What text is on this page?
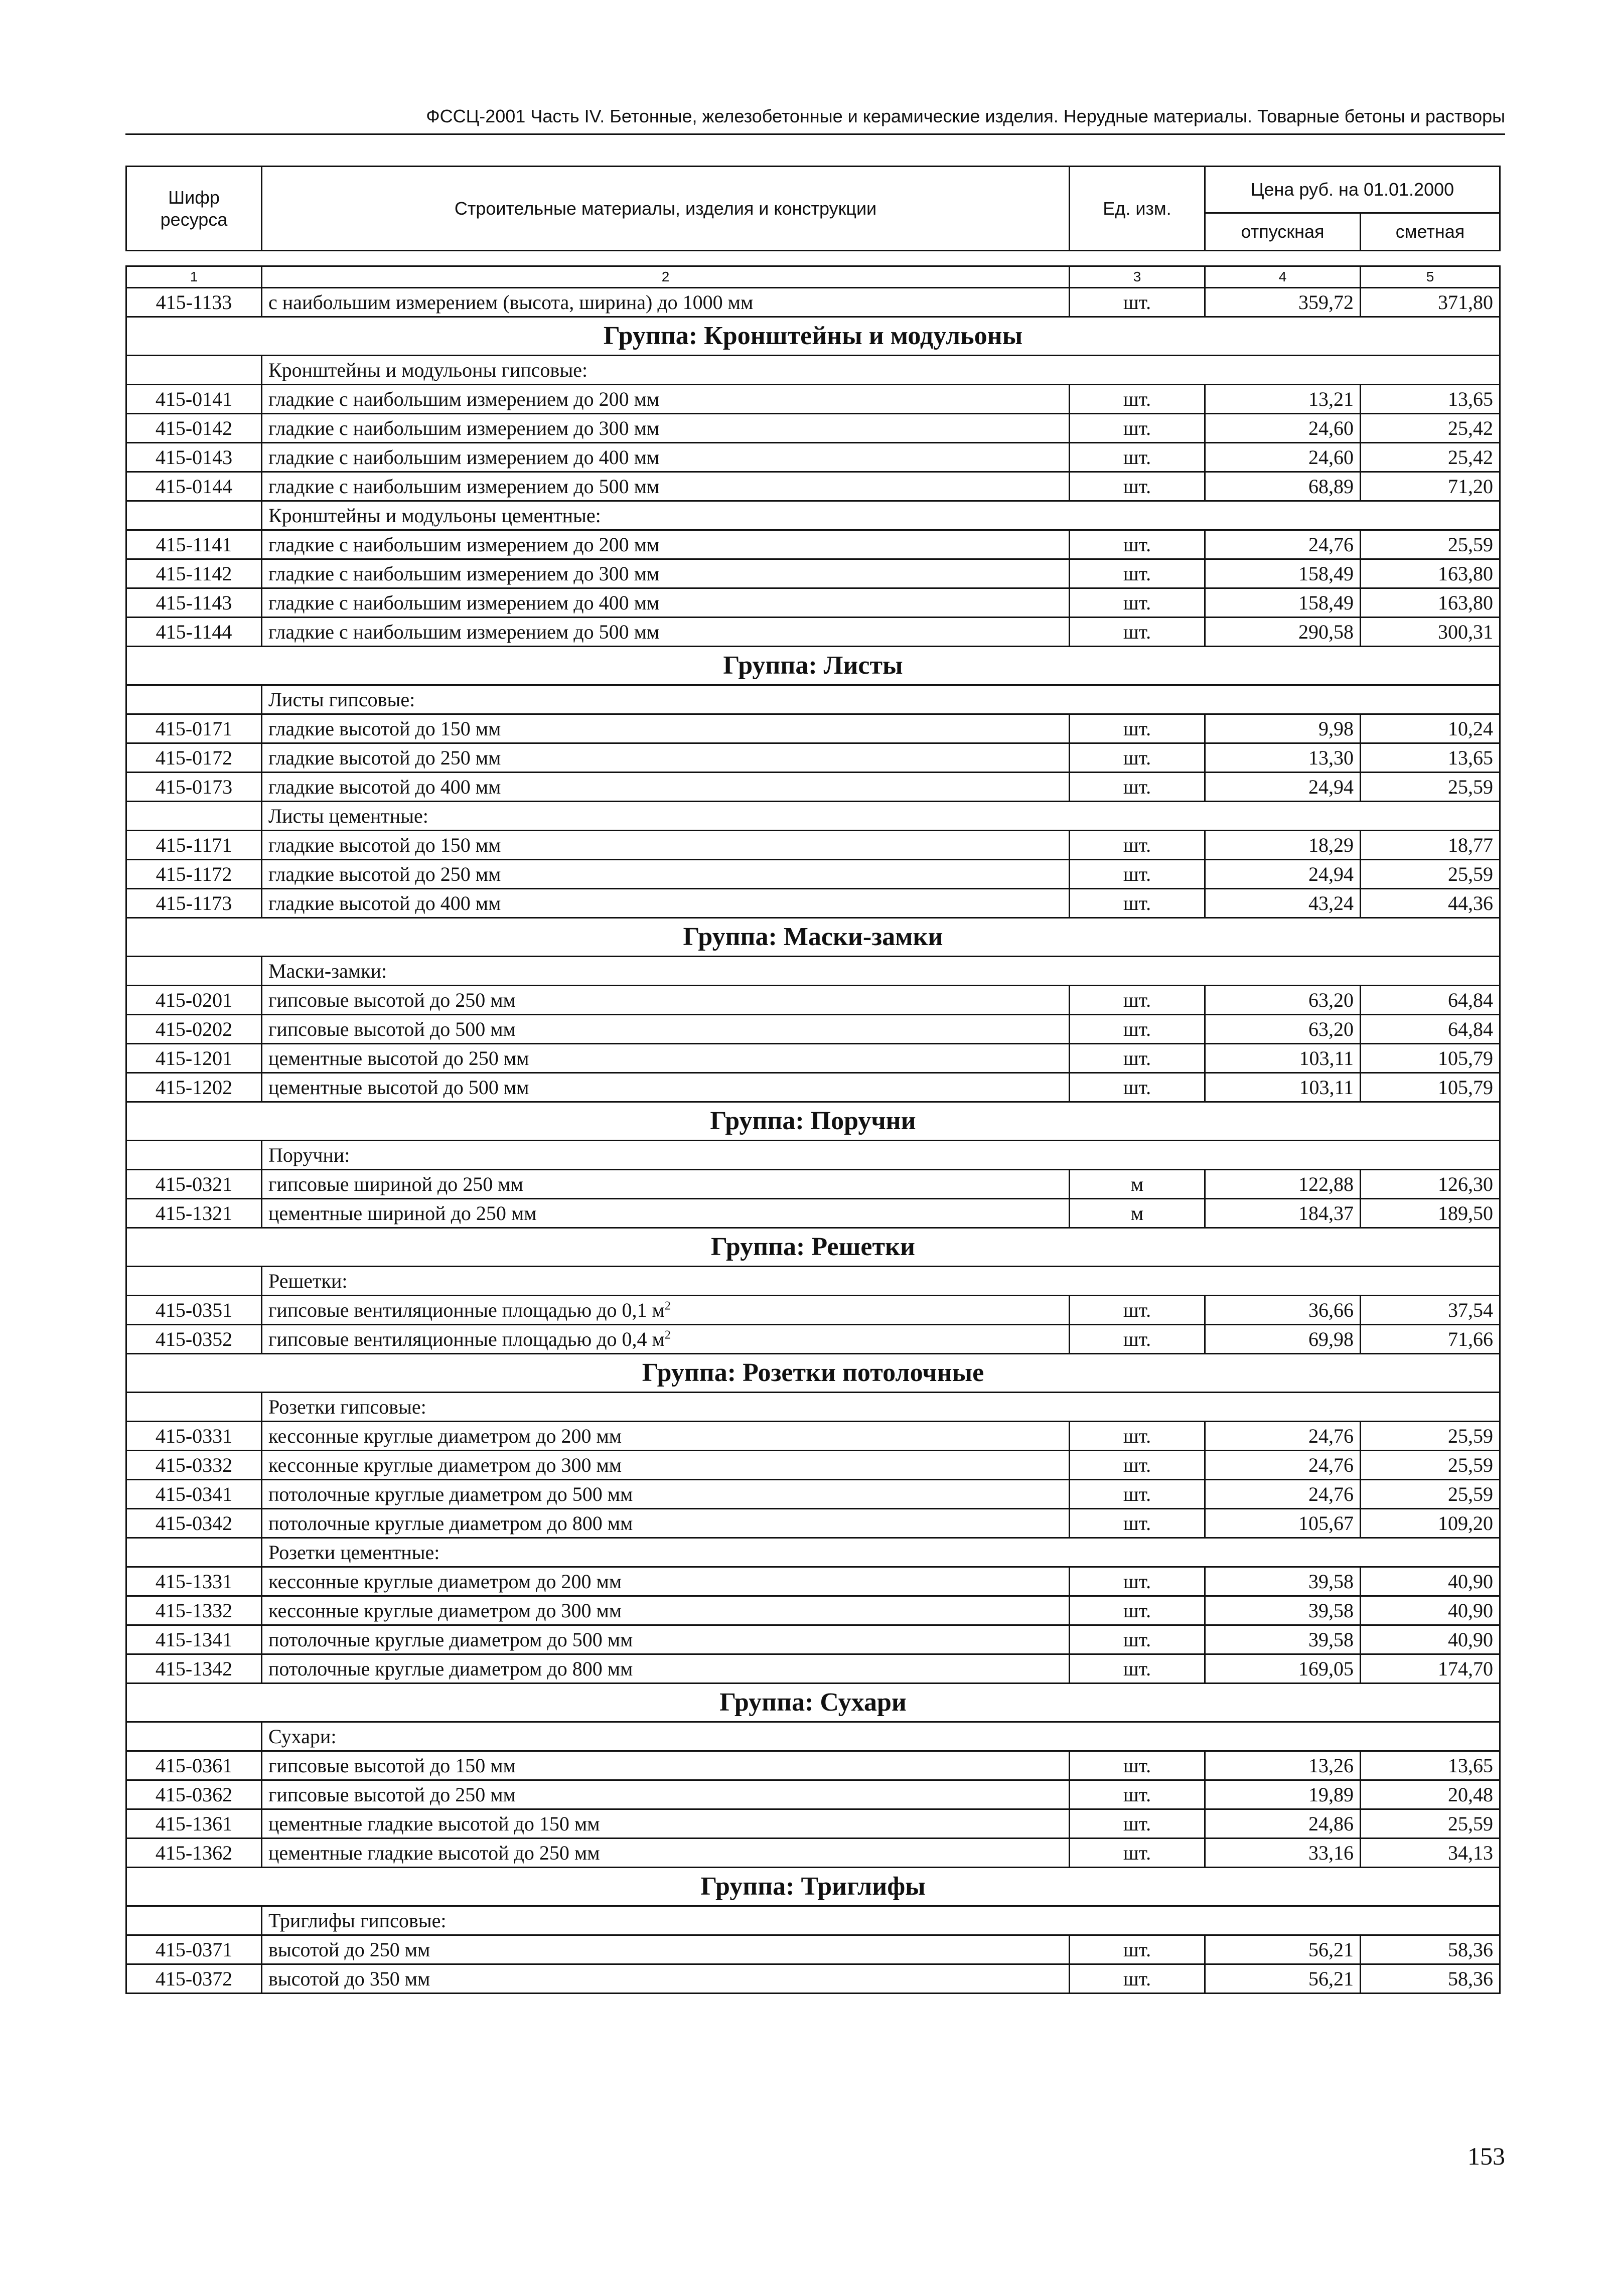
ФССЦ-2001 Часть IV. Бетонные, железобетонные и керамические изделия. Нерудные материалы. Товарные бетоны и растворы
Шифр ресурса	Строительные материалы, изделия и конструкции	Ед. изм.	Цена руб. на 01.01.2000	
			отпускная	сметная

1	2	3	4	5
415-1133	с наибольшим измерением (высота, ширина) до 1000 мм	шт.	359,72	371,80
Группа: Кронштейны и модульоны				
	Кронштейны и модульоны гипсовые:			
415-0141	гладкие с наибольшим измерением до 200 мм	шт.	13,21	13,65
415-0142	гладкие с наибольшим измерением до 300 мм	шт.	24,60	25,42
415-0143	гладкие с наибольшим измерением до 400 мм	шт.	24,60	25,42
415-0144	гладкие с наибольшим измерением до 500 мм	шт.	68,89	71,20
	Кронштейны и модульоны цементные:			
415-1141	гладкие с наибольшим измерением до 200 мм	шт.	24,76	25,59
415-1142	гладкие с наибольшим измерением до 300 мм	шт.	158,49	163,80
415-1143	гладкие с наибольшим измерением до 400 мм	шт.	158,49	163,80
415-1144	гладкие с наибольшим измерением до 500 мм	шт.	290,58	300,31
Группа: Листы				
	Листы гипсовые:			
415-0171	гладкие высотой до 150 мм	шт.	9,98	10,24
415-0172	гладкие высотой до 250 мм	шт.	13,30	13,65
415-0173	гладкие высотой до 400 мм	шт.	24,94	25,59
	Листы цементные:			
415-1171	гладкие высотой до 150 мм	шт.	18,29	18,77
415-1172	гладкие высотой до 250 мм	шт.	24,94	25,59
415-1173	гладкие высотой до 400 мм	шт.	43,24	44,36
Группа: Маски-замки				
	Маски-замки:			
415-0201	гипсовые высотой до 250 мм	шт.	63,20	64,84
415-0202	гипсовые высотой до 500 мм	шт.	63,20	64,84
415-1201	цементные высотой до 250 мм	шт.	103,11	105,79
415-1202	цементные высотой до 500 мм	шт.	103,11	105,79
Группа: Поручни				
	Поручни:			
415-0321	гипсовые шириной до 250 мм	м	122,88	126,30
415-1321	цементные шириной до 250 мм	м	184,37	189,50
Группа: Решетки				
	Решетки:			
415-0351	гипсовые вентиляционные площадью до 0,1 $м^2$	шт.	36,66	37,54
415-0352	гипсовые вентиляционные площадью до 0,4 $м^2$	шт.	69,98	71,66
Группа: Розетки потолочные				
	Розетки гипсовые:			
415-0331	кессонные круглые диаметром до 200 мм	шт.	24,76	25,59
415-0332	кессонные круглые диаметром до 300 мм	шт.	24,76	25,59
415-0341	потолочные круглые диаметром до 500 мм	шт.	24,76	25,59
415-0342	потолочные круглые диаметром до 800 мм	шт.	105,67	109,20
	Розетки цементные:			
415-1331	кессонные круглые диаметром до 200 мм	шт.	39,58	40,90
415-1332	кессонные круглые диаметром до 300 мм	шт.	39,58	40,90
415-1341	потолочные круглые диаметром до 500 мм	шт.	39,58	40,90
415-1342	потолочные круглые диаметром до 800 мм	шт.	169,05	174,70
Группа: Сухари				
	Сухари:			
415-0361	гипсовые высотой до 150 мм	шт.	13,26	13,65
415-0362	гипсовые высотой до 250 мм	шт.	19,89	20,48
415-1361	цементные гладкие высотой до 150 мм	шт.	24,86	25,59
415-1362	цементные гладкие высотой до 250 мм	шт.	33,16	34,13
Группа: Триглифы				
	Триглифы гипсовые:			
415-0371	высотой до 250 мм	шт.	56,21	58,36
415-0372	высотой до 350 мм	шт.	56,21	58,36
153
